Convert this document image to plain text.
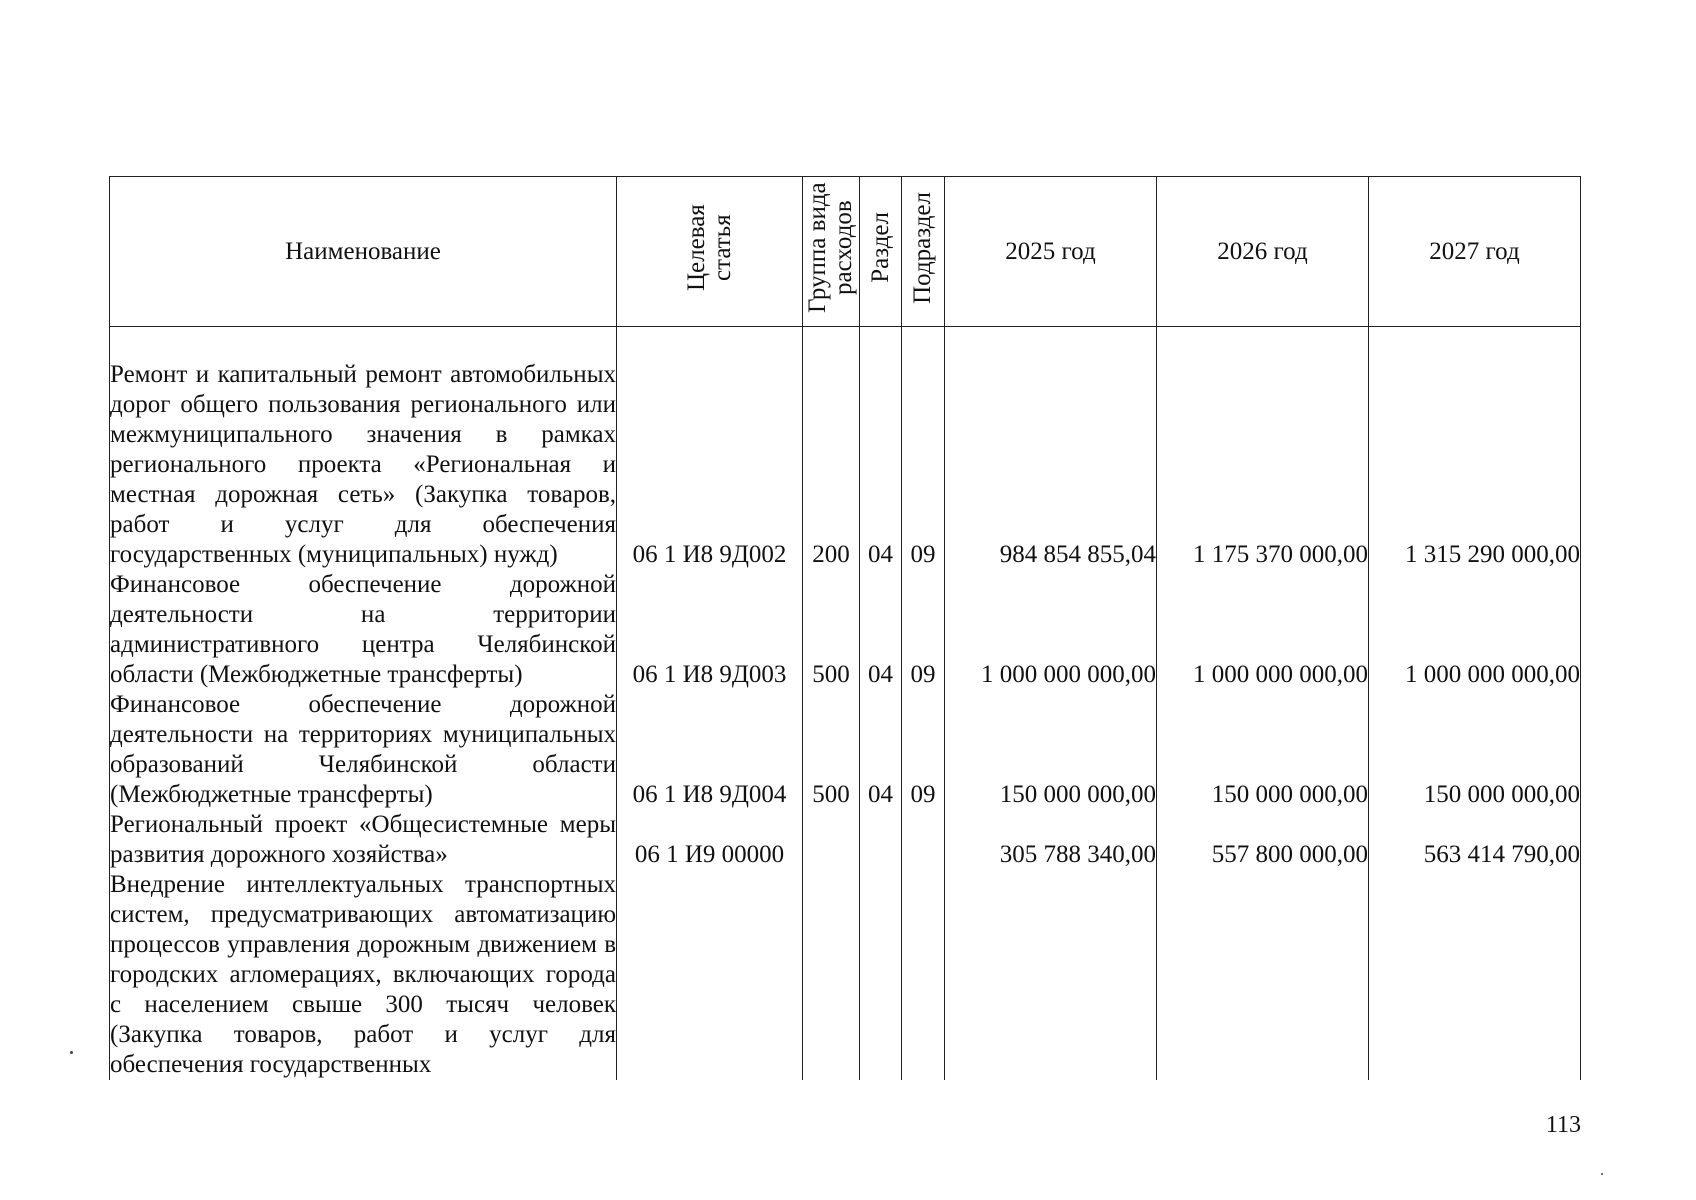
Наименование	Целевая статья	Группа вида расходов	Раздел	Подраздел	2025 год	2026 год	2027 год

Ремонт и капитальный ремонт автомобильных дорог общего пользования регионального или межмуниципального значения в рамках регионального проекта «Региональная и местная дорожная сеть» (Закупка товаров, работ и услуг для обеспечения государственных (муниципальных) нужд)	06 1 И8 9Д002	200	04	09	984 854 855,04	1 175 370 000,00	1 315 290 000,00
Финансовое обеспечение дорожной деятельности на территории административного центра Челябинской области (Межбюджетные трансферты)	06 1 И8 9Д003	500	04	09	1 000 000 000,00	1 000 000 000,00	1 000 000 000,00
Финансовое обеспечение дорожной деятельности на территориях муниципальных образований Челябинской области (Межбюджетные трансферты)	06 1 И8 9Д004	500	04	09	150 000 000,00	150 000 000,00	150 000 000,00
Региональный проект «Общесистемные меры развития дорожного хозяйства»	06 1 И9 00000				305 788 340,00	557 800 000,00	563 414 790,00
Внедрение интеллектуальных транспортных систем, предусматривающих автоматизацию процессов управления дорожным движением в городских агломерациях, включающих города с населением свыше 300 тысяч человек (Закупка товаров, работ и услуг для обеспечения государственных							
113
